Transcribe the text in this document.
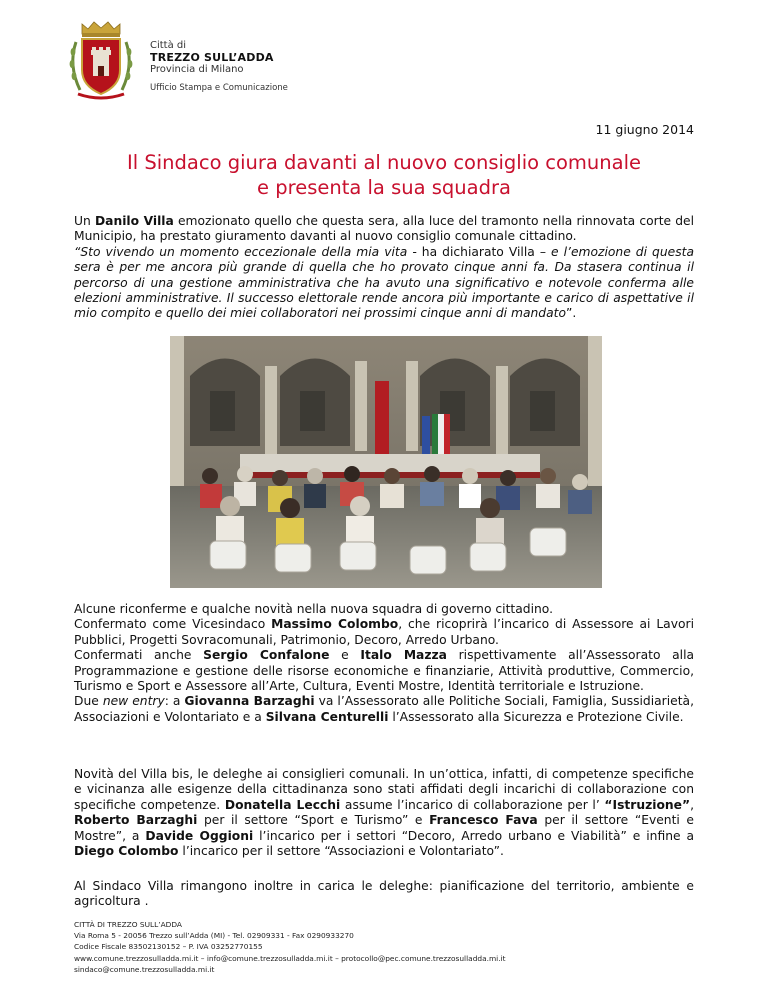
Città di
TREZZO SULL’ADDA
Provincia di Milano
Ufficio Stampa e Comunicazione
11 giugno 2014
Il Sindaco giura davanti al nuovo consiglio comunale
e presenta la sua squadra

Un Danilo Villa emozionato quello che questa sera, alla luce del tramonto nella rinnovata corte del Municipio, ha prestato giuramento davanti al nuovo consiglio comunale cittadino.

“Sto vivendo un momento eccezionale della mia vita - ha dichiarato Villa – e l’emozione di questa sera è per me ancora più grande di quella che ho provato cinque anni fa. Da stasera continua il percorso di una gestione amministrativa che ha avuto una significativo e notevole conferma alle elezioni amministrative. Il successo elettorale rende ancora più importante e carico di aspettative il mio compito e quello dei miei collaboratori nei prossimi cinque anni di mandato”.

Alcune riconferme e qualche novità nella nuova squadra di governo cittadino.

Confermato come Vicesindaco Massimo Colombo, che ricoprirà l’incarico di Assessore ai Lavori Pubblici, Progetti Sovracomunali, Patrimonio, Decoro, Arredo Urbano.

Confermati anche Sergio Confalone e Italo Mazza rispettivamente all’Assessorato alla Programmazione e gestione delle risorse economiche e finanziarie, Attività produttive, Commercio, Turismo e Sport e Assessore all’Arte, Cultura, Eventi Mostre, Identità territoriale e Istruzione.

Due new entry: a Giovanna Barzaghi va l’Assessorato alle Politiche Sociali, Famiglia, Sussidiarietà, Associazioni e Volontariato e a Silvana Centurelli l’Assessorato alla Sicurezza e Protezione Civile.

Novità del Villa bis, le deleghe ai consiglieri comunali. In un’ottica, infatti, di competenze specifiche e vicinanza alle esigenze della cittadinanza sono stati affidati degli incarichi di collaborazione con specifiche competenze. Donatella Lecchi assume l’incarico di collaborazione per l’ “Istruzione”, Roberto Barzaghi per il settore “Sport e Turismo” e Francesco Fava per il settore “Eventi e Mostre”, a Davide Oggioni l’incarico per i settori “Decoro, Arredo urbano e Viabilità” e infine a Diego Colombo l’incarico per il settore “Associazioni e Volontariato”.

Al Sindaco Villa rimangono inoltre in carica le deleghe: pianificazione del territorio, ambiente e agricoltura .

CITTÀ DI TREZZO SULL’ADDA
Via Roma 5 - 20056 Trezzo sull’Adda (MI) - Tel. 02909331 - Fax 0290933270
Codice Fiscale 83502130152 – P. IVA 03252770155
www.comune.trezzosulladda.mi.it – info@comune.trezzosulladda.mi.it – protocollo@pec.comune.trezzosulladda.mi.it
sindaco@comune.trezzosulladda.mi.it
